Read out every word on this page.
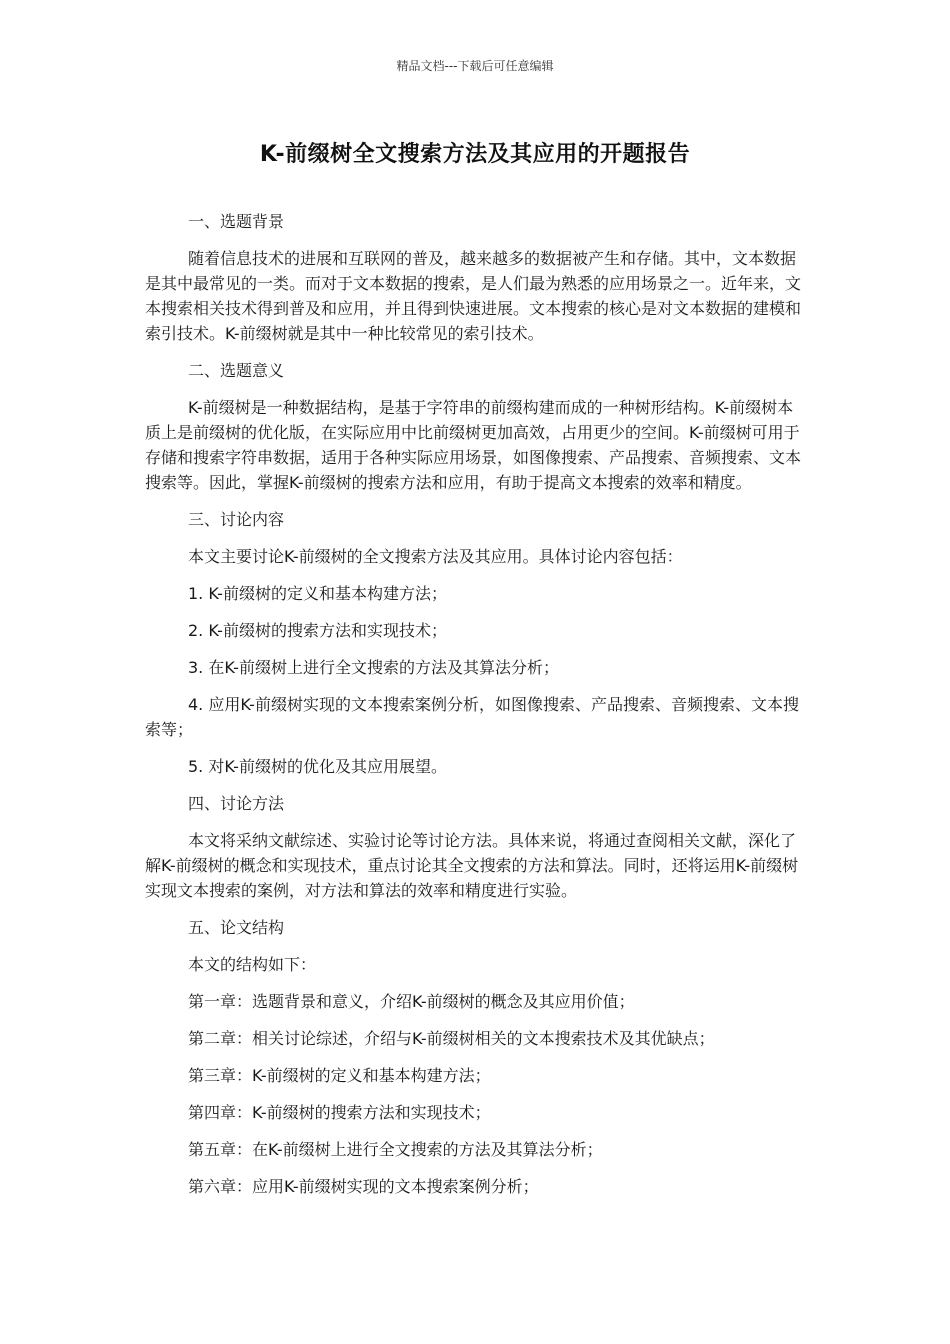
精品文档---下载后可任意编辑
K-前缀树全文搜索方法及其应用的开题报告

一、选题背景

随着信息技术的进展和互联网的普及，越来越多的数据被产生和存储。其中，文本数据是其中最常见的一类。而对于文本数据的搜索，是人们最为熟悉的应用场景之一。近年来，文本搜索相关技术得到普及和应用，并且得到快速进展。文本搜索的核心是对文本数据的建模和索引技术。K-前缀树就是其中一种比较常见的索引技术。

二、选题意义

K-前缀树是一种数据结构，是基于字符串的前缀构建而成的一种树形结构。K-前缀树本质上是前缀树的优化版，在实际应用中比前缀树更加高效，占用更少的空间。K-前缀树可用于存储和搜索字符串数据，适用于各种实际应用场景，如图像搜索、产品搜索、音频搜索、文本搜索等。因此，掌握K-前缀树的搜索方法和应用，有助于提高文本搜索的效率和精度。

三、讨论内容

本文主要讨论K-前缀树的全文搜索方法及其应用。具体讨论内容包括：

1. K-前缀树的定义和基本构建方法；

2. K-前缀树的搜索方法和实现技术；

3. 在K-前缀树上进行全文搜索的方法及其算法分析；

4. 应用K-前缀树实现的文本搜索案例分析，如图像搜索、产品搜索、音频搜索、文本搜索等；

5. 对K-前缀树的优化及其应用展望。

四、讨论方法

本文将采纳文献综述、实验讨论等讨论方法。具体来说，将通过查阅相关文献，深化了解K-前缀树的概念和实现技术，重点讨论其全文搜索的方法和算法。同时，还将运用K-前缀树实现文本搜索的案例，对方法和算法的效率和精度进行实验。

五、论文结构

本文的结构如下：

第一章：选题背景和意义，介绍K-前缀树的概念及其应用价值；

第二章：相关讨论综述，介绍与K-前缀树相关的文本搜索技术及其优缺点；

第三章：K-前缀树的定义和基本构建方法；

第四章：K-前缀树的搜索方法和实现技术；

第五章：在K-前缀树上进行全文搜索的方法及其算法分析；

第六章：应用K-前缀树实现的文本搜索案例分析；
